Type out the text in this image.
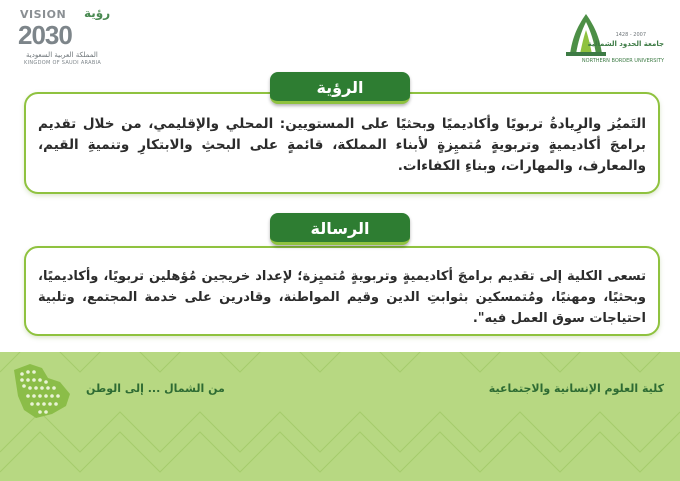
VISION رؤية
2030
المملكة العربية السعودية
KINGDOM OF SAUDI ARABIA
1428 - 2007
جامعة الحدود الشمالية
NORTHERN BORDER UNIVERSITY
التَميُز والرِيادةُ تربويًا وأكاديميًا وبحثيًا على المستويين: المحلي والإقليمي، من خلال تقديم برامجَ أكاديميةٍ وتربويةٍ مُتميِزةٍ لأبناء المملكة، قائمةٍ على البحثِ والابتكارِ وتنميةِ القيم، والمعارف، والمهارات، وبناءِ الكفاءات.
الرؤية
تسعى الكلية إلى تقديم برامجَ أكاديميةٍ وتربويةٍ مُتميِزة؛ لإعداد خريجين مُؤهلين تربويًا، وأكاديميًا، وبحثيًا، ومهنيًا، ومُتمسكين بثوابتِ الدين وقيم المواطنة، وقادرين على خدمة المجتمع، وتلبية احتياجات سوق العمل فيه".
الرسالة
من الشمال ... إلى الوطن	كلية العلوم الإنسانية والاجتماعية
